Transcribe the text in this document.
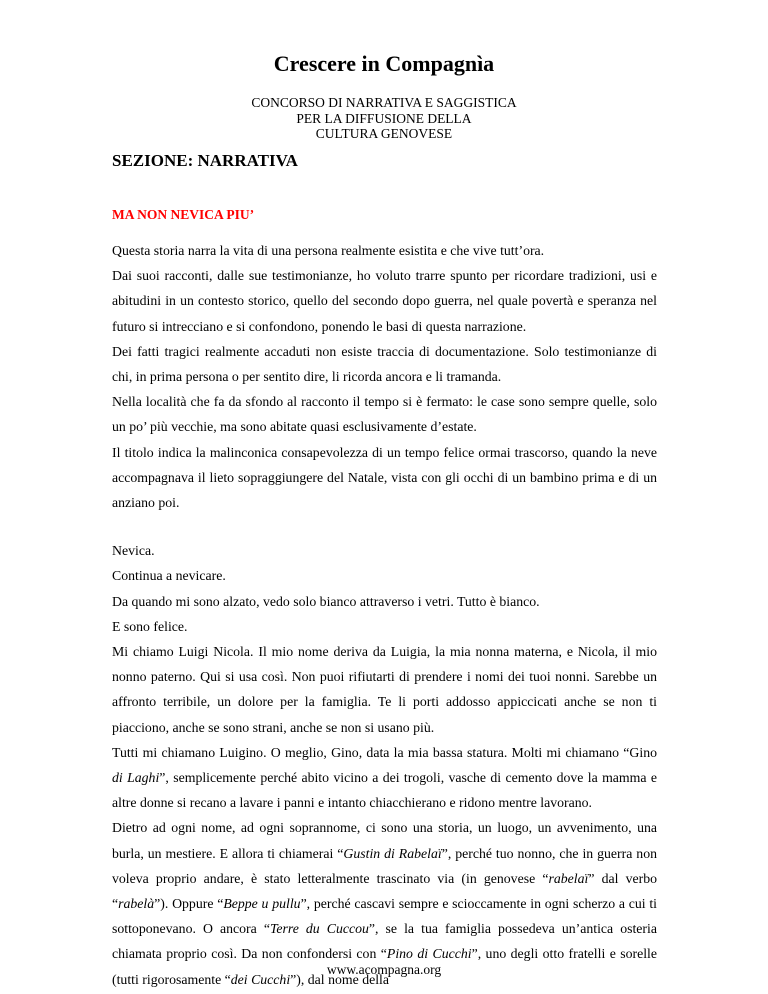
Crescere in Compagnìa
CONCORSO DI NARRATIVA E SAGGISTICA
PER LA DIFFUSIONE DELLA
CULTURA GENOVESE
SEZIONE: NARRATIVA
MA NON NEVICA PIU’

Questa storia narra la vita di una persona realmente esistita e che vive tutt’ora.

Dai suoi racconti, dalle sue testimonianze, ho voluto trarre spunto per ricordare tradizioni, usi e abitudini in un contesto storico, quello del secondo dopo guerra, nel quale povertà e speranza nel futuro si intrecciano e si confondono, ponendo le basi di questa narrazione.

Dei fatti tragici realmente accaduti non esiste traccia di documentazione. Solo testimonianze di chi, in prima persona o per sentito dire, li ricorda ancora e li tramanda.

Nella località che fa da sfondo al racconto il tempo si è fermato: le case sono sempre quelle, solo un po’ più vecchie, ma sono abitate quasi esclusivamente d’estate.

Il titolo indica la malinconica consapevolezza di un tempo felice ormai trascorso, quando la neve accompagnava il lieto sopraggiungere del Natale, vista con gli occhi di un bambino prima e di un anziano poi.

Nevica.

Continua a nevicare.

Da quando mi sono alzato, vedo solo bianco attraverso i vetri. Tutto è bianco.

E sono felice.

Mi chiamo Luigi Nicola. Il mio nome deriva da Luigia, la mia nonna materna, e Nicola, il mio nonno paterno. Qui si usa così. Non puoi rifiutarti di prendere i nomi dei tuoi nonni. Sarebbe un affronto terribile, un dolore per la famiglia. Te li porti addosso appiccicati anche se non ti piacciono, anche se sono strani, anche se non si usano più.

Tutti mi chiamano Luigino. O meglio, Gino, data la mia bassa statura. Molti mi chiamano “Gino di Laghi”, semplicemente perché abito vicino a dei trogoli, vasche di cemento dove la mamma e altre donne si recano a lavare i panni e intanto chiacchierano e ridono mentre lavorano.

Dietro ad ogni nome, ad ogni soprannome, ci sono una storia, un luogo, un avvenimento, una burla, un mestiere. E allora ti chiamerai “Gustin di Rabelaï”, perché tuo nonno, che in guerra non voleva proprio andare, è stato letteralmente trascinato via (in genovese “rabelaï” dal verbo “rabelà”). Oppure “Beppe u pullu”, perché cascavi sempre e scioccamente in ogni scherzo a cui ti sottoponevano. O ancora “Terre du Cuccou”, se la tua famiglia possedeva un’antica osteria chiamata proprio così. Da non confondersi con “Pino di Cucchi”, uno degli otto fratelli e sorelle (tutti rigorosamente “dei Cucchi”), dal nome della

www.acompagna.org
